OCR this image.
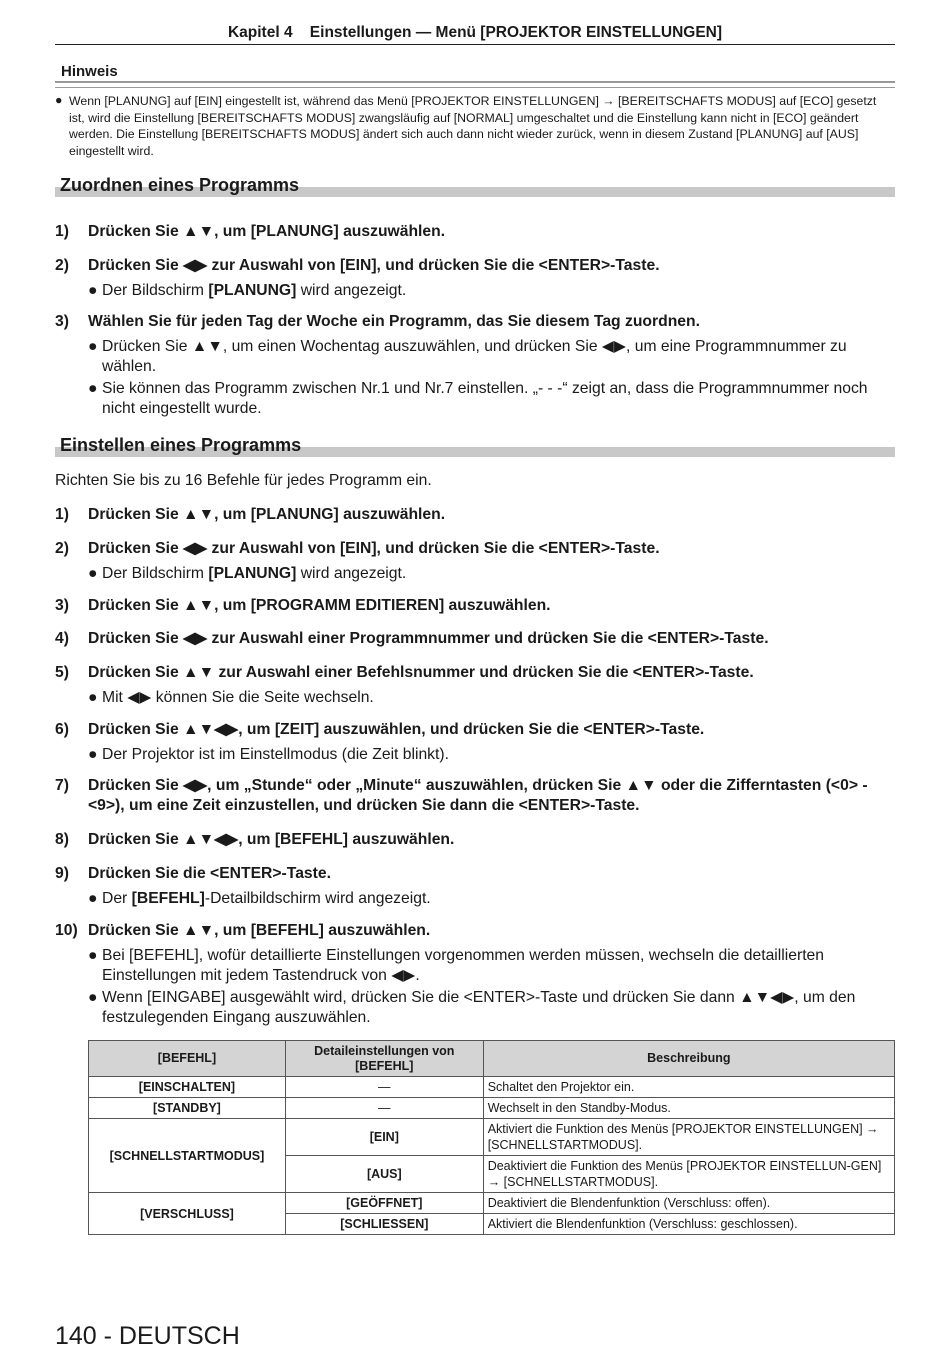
Kapitel 4    Einstellungen — Menü [PROJEKTOR EINSTELLUNGEN]
Hinweis
● Wenn [PLANUNG] auf [EIN] eingestellt ist, während das Menü [PROJEKTOR EINSTELLUNGEN] → [BEREITSCHAFTS MODUS] auf [ECO] gesetzt ist, wird die Einstellung [BEREITSCHAFTS MODUS] zwangsläufig auf [NORMAL] umgeschaltet und die Einstellung kann nicht in [ECO] geändert werden. Die Einstellung [BEREITSCHAFTS MODUS] ändert sich auch dann nicht wieder zurück, wenn in diesem Zustand [PLANUNG] auf [AUS] eingestellt wird.
Zuordnen eines Programms
1) Drücken Sie ▲▼, um [PLANUNG] auszuwählen.
2) Drücken Sie ◀▶ zur Auswahl von [EIN], und drücken Sie die <ENTER>-Taste.
● Der Bildschirm [PLANUNG] wird angezeigt.
3) Wählen Sie für jeden Tag der Woche ein Programm, das Sie diesem Tag zuordnen.
● Drücken Sie ▲▼, um einen Wochentag auszuwählen, und drücken Sie ◀▶, um eine Programmnummer zu wählen.
● Sie können das Programm zwischen Nr.1 und Nr.7 einstellen. „- - -“ zeigt an, dass die Programmnummer noch nicht eingestellt wurde.
Einstellen eines Programms
Richten Sie bis zu 16 Befehle für jedes Programm ein.
1) Drücken Sie ▲▼, um [PLANUNG] auszuwählen.
2) Drücken Sie ◀▶ zur Auswahl von [EIN], und drücken Sie die <ENTER>-Taste.
● Der Bildschirm [PLANUNG] wird angezeigt.
3) Drücken Sie ▲▼, um [PROGRAMM EDITIEREN] auszuwählen.
4) Drücken Sie ◀▶ zur Auswahl einer Programmnummer und drücken Sie die <ENTER>-Taste.
5) Drücken Sie ▲▼ zur Auswahl einer Befehlsnummer und drücken Sie die <ENTER>-Taste.
● Mit ◀▶ können Sie die Seite wechseln.
6) Drücken Sie ▲▼◀▶, um [ZEIT] auszuwählen, und drücken Sie die <ENTER>-Taste.
● Der Projektor ist im Einstellmodus (die Zeit blinkt).
7) Drücken Sie ◀▶, um „Stunde“ oder „Minute“ auszuwählen, drücken Sie ▲▼ oder die Zifferntasten (<0> - <9>), um eine Zeit einzustellen, und drücken Sie dann die <ENTER>-Taste.
8) Drücken Sie ▲▼◀▶, um [BEFEHL] auszuwählen.
9) Drücken Sie die <ENTER>-Taste.
● Der [BEFEHL]-Detailbildschirm wird angezeigt.
10) Drücken Sie ▲▼, um [BEFEHL] auszuwählen.
● Bei [BEFEHL], wofür detaillierte Einstellungen vorgenommen werden müssen, wechseln die detaillierten Einstellungen mit jedem Tastendruck von ◀▶.
● Wenn [EINGABE] ausgewählt wird, drücken Sie die <ENTER>-Taste und drücken Sie dann ▲▼◀▶, um den festzulegenden Eingang auszuwählen.
[BEFEHL]	Detaileinstellungen von [BEFEHL]	Beschreibung
[EINSCHALTEN]	—	Schaltet den Projektor ein.
[STANDBY]	—	Wechselt in den Standby-Modus.
[SCHNELLSTARTMODUS]	[EIN]	Aktiviert die Funktion des Menüs [PROJEKTOR EINSTELLUNGEN] → [SCHNELLSTARTMODUS].
	[AUS]	Deaktiviert die Funktion des Menüs [PROJEKTOR EINSTELLUN-GEN] → [SCHNELLSTARTMODUS].
[VERSCHLUSS]	[GEÖFFNET]	Deaktiviert die Blendenfunktion (Verschluss: offen).
	[SCHLIESSEN]	Aktiviert die Blendenfunktion (Verschluss: geschlossen).
140 - DEUTSCH
